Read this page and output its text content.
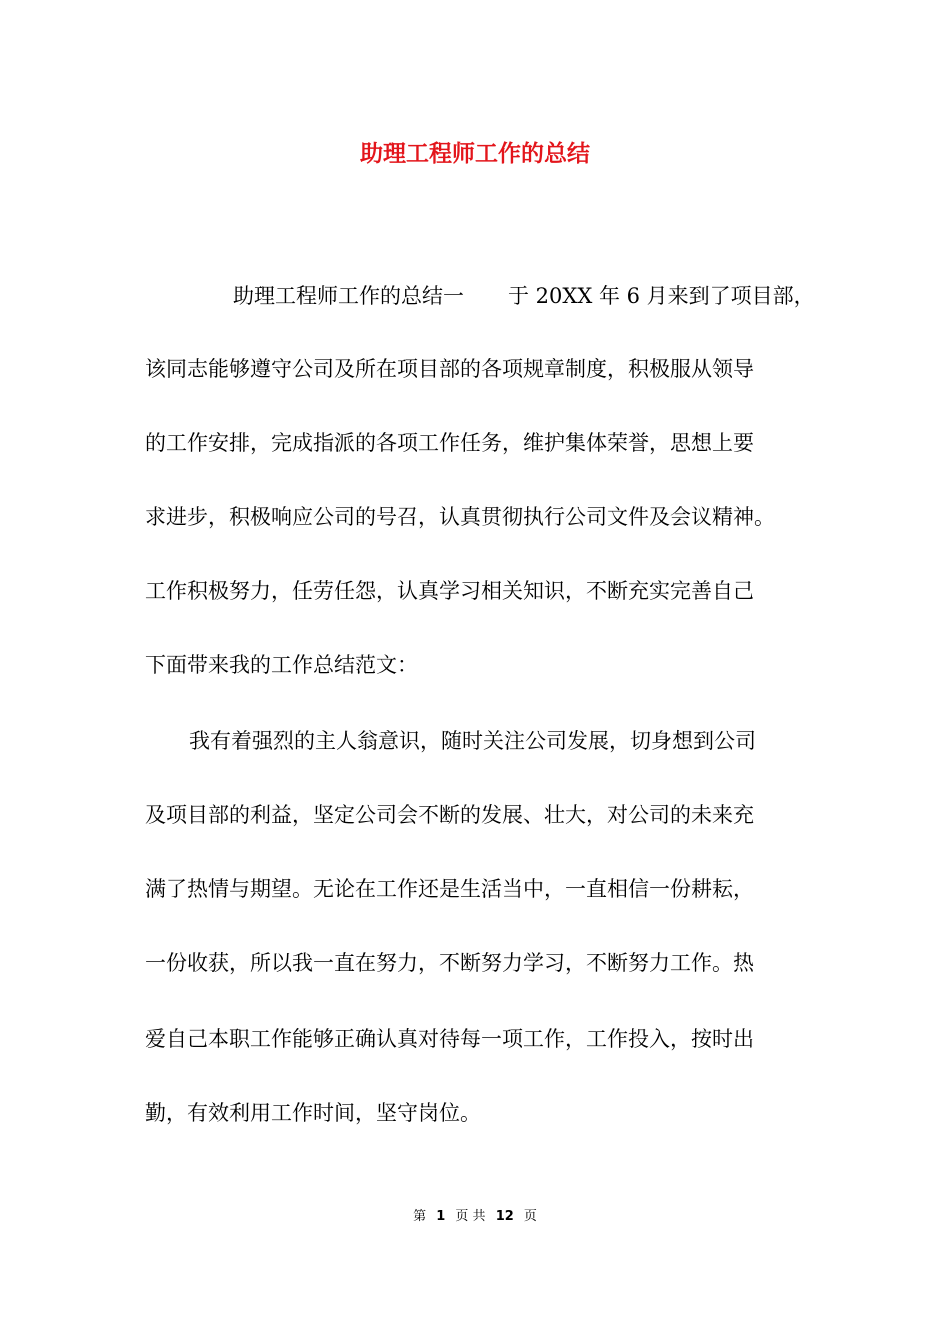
助理工程师工作的总结
助理工程师工作的总结一 于 20XX 年 6 月来到了项目部，
该同志能够遵守公司及所在项目部的各项规章制度，积极服从领导
的工作安排，完成指派的各项工作任务，维护集体荣誉，思想上要
求进步，积极响应公司的号召，认真贯彻执行公司文件及会议精神。
工作积极努力，任劳任怨，认真学习相关知识，不断充实完善自己
下面带来我的工作总结范文：
我有着强烈的主人翁意识，随时关注公司发展，切身想到公司
及项目部的利益，坚定公司会不断的发展、壮大，对公司的未来充
满了热情与期望。无论在工作还是生活当中，一直相信一份耕耘，
一份收获，所以我一直在努力，不断努力学习，不断努力工作。热
爱自己本职工作能够正确认真对待每一项工作，工作投入，按时出
勤，有效利用工作时间，坚守岗位。
第 1 页 共 12 页
